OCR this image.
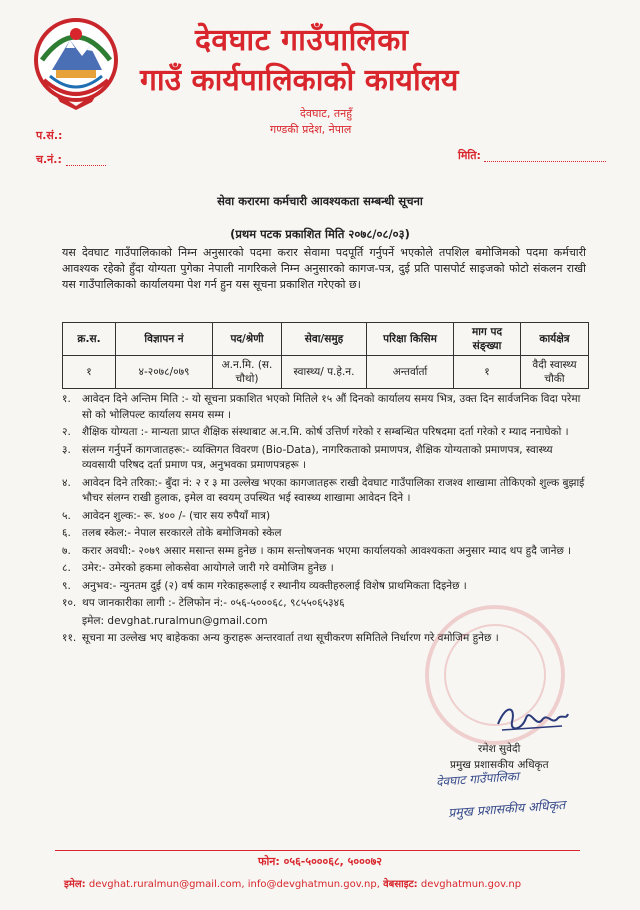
देवघाट गाउँपालिका
गाउँ कार्यपालिकाको कार्यालय
देवघाट, तनहुँ
गण्डकी प्रदेश, नेपाल
प.सं.:
च.नं.:	मिति:
सेवा करारमा कर्मचारी आवश्यकता सम्बन्धी सूचना
(प्रथम पटक प्रकाशित मिति २०७८/०८/०३)
यस देवघाट गाउँपालिकाको निम्न अनुसारको पदमा करार सेवामा पदपूर्ति गर्नुपर्ने भएकोले तपशिल बमोजिमको पदमा कर्मचारी आवश्यक रहेको हुँदा योग्यता पुगेका नेपाली नागरिकले निम्न अनुसारको कागज-पत्र, दुई प्रति पासपोर्ट साइजको फोटो संकलन राखी यस गाउँपालिकाको कार्यालयमा पेश गर्न हुन यस सूचना प्रकाशित गरेएको छ।
क्र.स.	विज्ञापन नं	पद/श्रेणी	सेवा/समुह	परिक्षा किसिम	माग पद संङ्ख्या	कार्यक्षेत्र
१	४-२०७८/०७९	अ.न.मि. (स. चौथो)	स्वास्थ्य/ प.हे.न.	अन्तर्वार्ता	१	वैदी स्वास्थ्य चौकी
१. आवेदन दिने अन्तिम मिति :- यो सूचना प्रकाशित भएको मितिले १५ औं दिनको कार्यालय समय भित्र, उक्त दिन सार्वजनिक विदा परेमा सो को भोलिपल्ट कार्यालय समय सम्म ।
२. शैक्षिक योग्यता :- मान्यता प्राप्त शैक्षिक संस्थाबाट अ.न.मि. कोर्ष उत्तिर्ण गरेको र सम्बन्धित परिषदमा दर्ता गरेको र म्याद ननाघेको ।
३. संलग्न गर्नुपर्ने कागजातहरू:- व्यक्तिगत विवरण (Bio-Data), नागरिकताको प्रमाणपत्र, शैक्षिक योग्यताको प्रमाणपत्र, स्वास्थ्य व्यवसायी परिषद दर्ता प्रमाण पत्र, अनुभवका प्रमाणपत्रहरू ।
४. आवेदन दिने तरिका:- बुँदा नं: २ र ३ मा उल्लेख भएका कागजातहरू राखी देवघाट गाउँपालिका राजश्व शाखामा तोकिएको शुल्क बुझाई भौचर संलग्न राखी हुलाक, इमेल वा स्वयम् उपस्थित भई स्वास्थ्य शाखामा आवेदन दिने ।
५. आवेदन शुल्क:- रू. ४०० /- (चार सय रुपैयाँ मात्र)
६. तलब स्केल:- नेपाल सरकारले तोके बमोजिमको स्केल
७. करार अवधी:- २०७९ असार मसान्त सम्म हुनेछ । काम सन्तोषजनक भएमा कार्यालयको आवश्यकता अनुसार म्याद थप हुदै जानेछ ।
८. उमेर:- उमेरको हकमा लोकसेवा आयोगले जारी गरे वमोजिम हुनेछ ।
९. अनुभव:- न्युनतम दुई (२) वर्ष काम गरेकाहरूलाई र स्थानीय व्यक्तीहरुलाई विशेष प्राथमिकता दिइनेछ ।
१०. थप जानकारीका लागी :- टेलिफोन नं:- ०५६-५०००६८, ९८५५०६५३४६
इमेल: devghat.ruralmun@gmail.com
११. सूचना मा उल्लेख भए बाहेकका अन्य कुराहरू अन्तरवार्ता तथा सूचीकरण समितिले निर्धारण गरे वमोजिम हुनेछ ।
रमेश सुवेदी
प्रमुख प्रशासकीय अधिकृत
देवघाट गाउँपालिका
प्रमुख प्रशासकीय अधिकृत
फोन: ०५६-५०००६८, ५०००७२
इमेल: devghat.ruralmun@gmail.com, info@devghatmun.gov.np, वेबसाइट: devghatmun.gov.np
